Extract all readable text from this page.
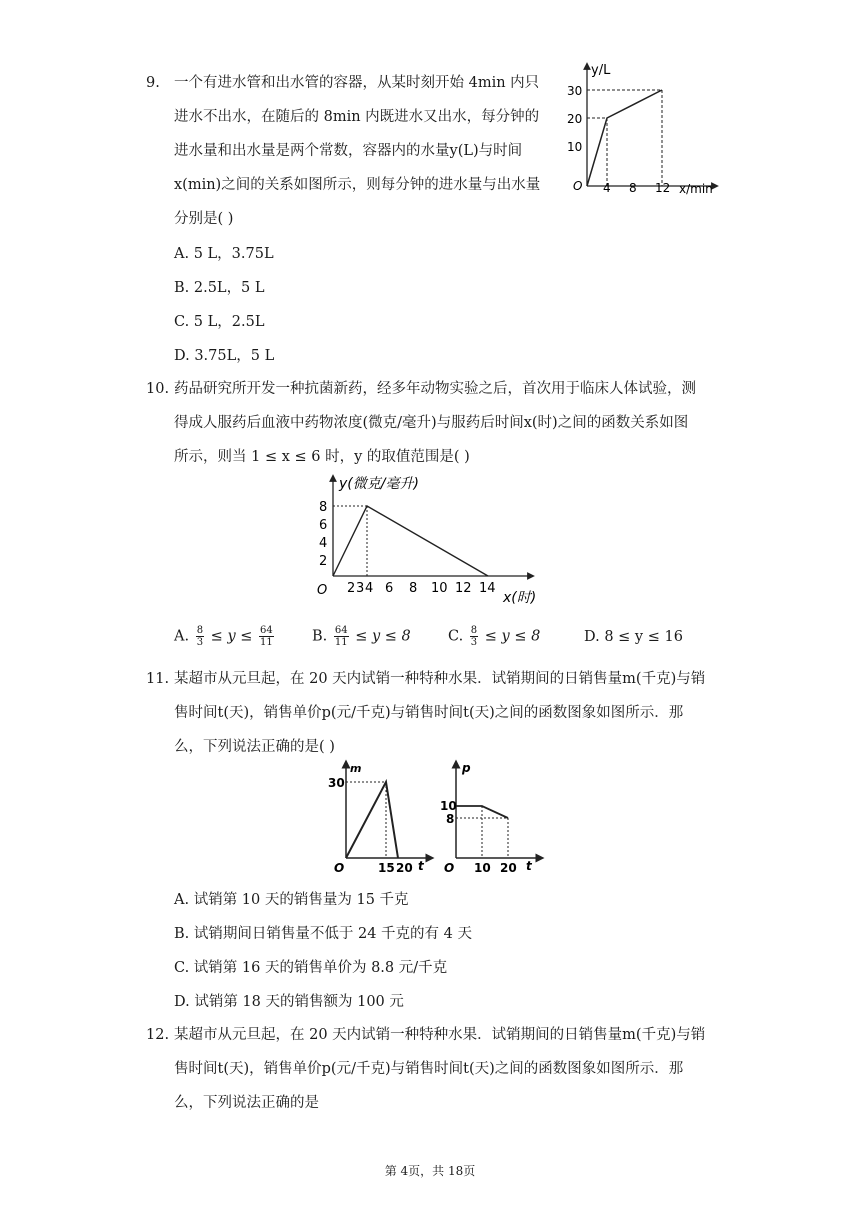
9. 一个有进水管和出水管的容器，从某时刻开始 4min 内只
进水不出水，在随后的 8min 内既进水又出水，每分钟的
进水量和出水量是两个常数，容器内的水量y(L)与时间
x(min)之间的关系如图所示，则每分钟的进水量与出水量
分别是( )
A. 5 L，3.75L
B. 2.5L，5 L
C. 5 L，2.5L
D. 3.75L，5 L
y/L
30
20
10
O 4 8 12 x/min
10. 药品研究所开发一种抗菌新药，经多年动物实验之后，首次用于临床人体试验，测
得成人服药后血液中药物浓度(微克/毫升)与服药后时间x(时)之间的函数关系如图
所示，则当 1 ≤ x ≤ 6 时，y 的取值范围是( )
y(微克/毫升)
8
6
4
2
O 2 3 4 6 8 10 12 14
x(时)
A. $\frac{8}{3} \le y \le \frac{64}{11}$	B. $\frac{64}{11} \le y \le 8$	C. $\frac{8}{3} \le y \le 8$	D. 8 ≤ y ≤ 16
11. 某超市从元旦起，在 20 天内试销一种特种水果．试销期间的日销售量m(千克)与销
售时间t(天)，销售单价p(元/千克)与销售时间t(天)之间的函数图象如图所示．那
么，下列说法正确的是( )
m
30
O	15 20 t
p
10
8
O 10 20 t
A. 试销第 10 天的销售量为 15 千克
B. 试销期间日销售量不低于 24 千克的有 4 天
C. 试销第 16 天的销售单价为 8.8 元/千克
D. 试销第 18 天的销售额为 100 元
12. 某超市从元旦起，在 20 天内试销一种特种水果．试销期间的日销售量m(千克)与销
售时间t(天)，销售单价p(元/千克)与销售时间t(天)之间的函数图象如图所示．那
么，下列说法正确的是
第 4页，共 18页
